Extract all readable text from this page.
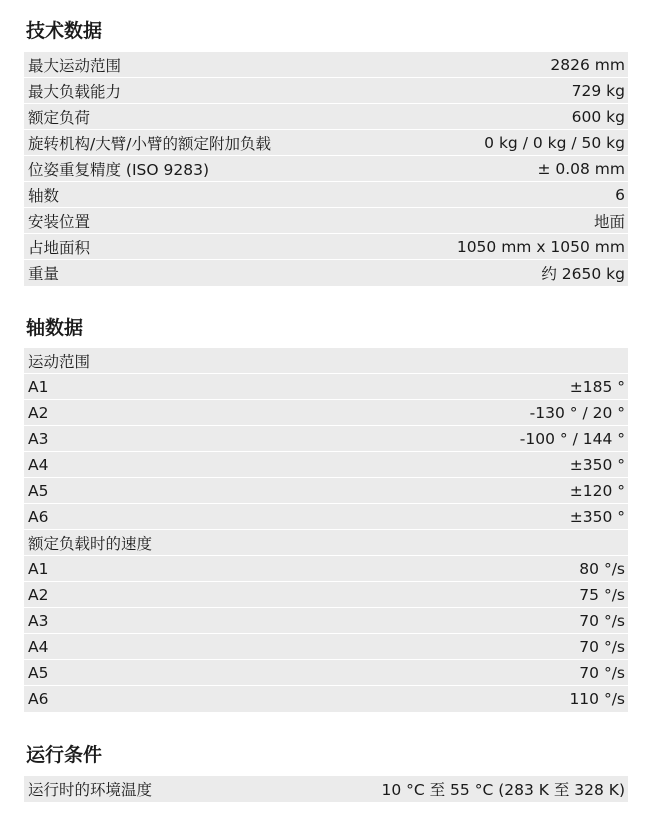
技术数据
最大运动范围	2826 mm
最大负载能力	729 kg
额定负荷	600 kg
旋转机构/大臂/小臂的额定附加负载	0 kg / 0 kg / 50 kg
位姿重复精度 (ISO 9283)	± 0.08 mm
轴数	6
安装位置	地面
占地面积	1050 mm x 1050 mm
重量	约 2650 kg
轴数据
运动范围
A1	±185 °
A2	-130 ° / 20 °
A3	-100 ° / 144 °
A4	±350 °
A5	±120 °
A6	±350 °
额定负载时的速度
A1	80 °/s
A2	75 °/s
A3	70 °/s
A4	70 °/s
A5	70 °/s
A6	110 °/s
运行条件
运行时的环境温度	10 °C 至 55 °C (283 K 至 328 K)
